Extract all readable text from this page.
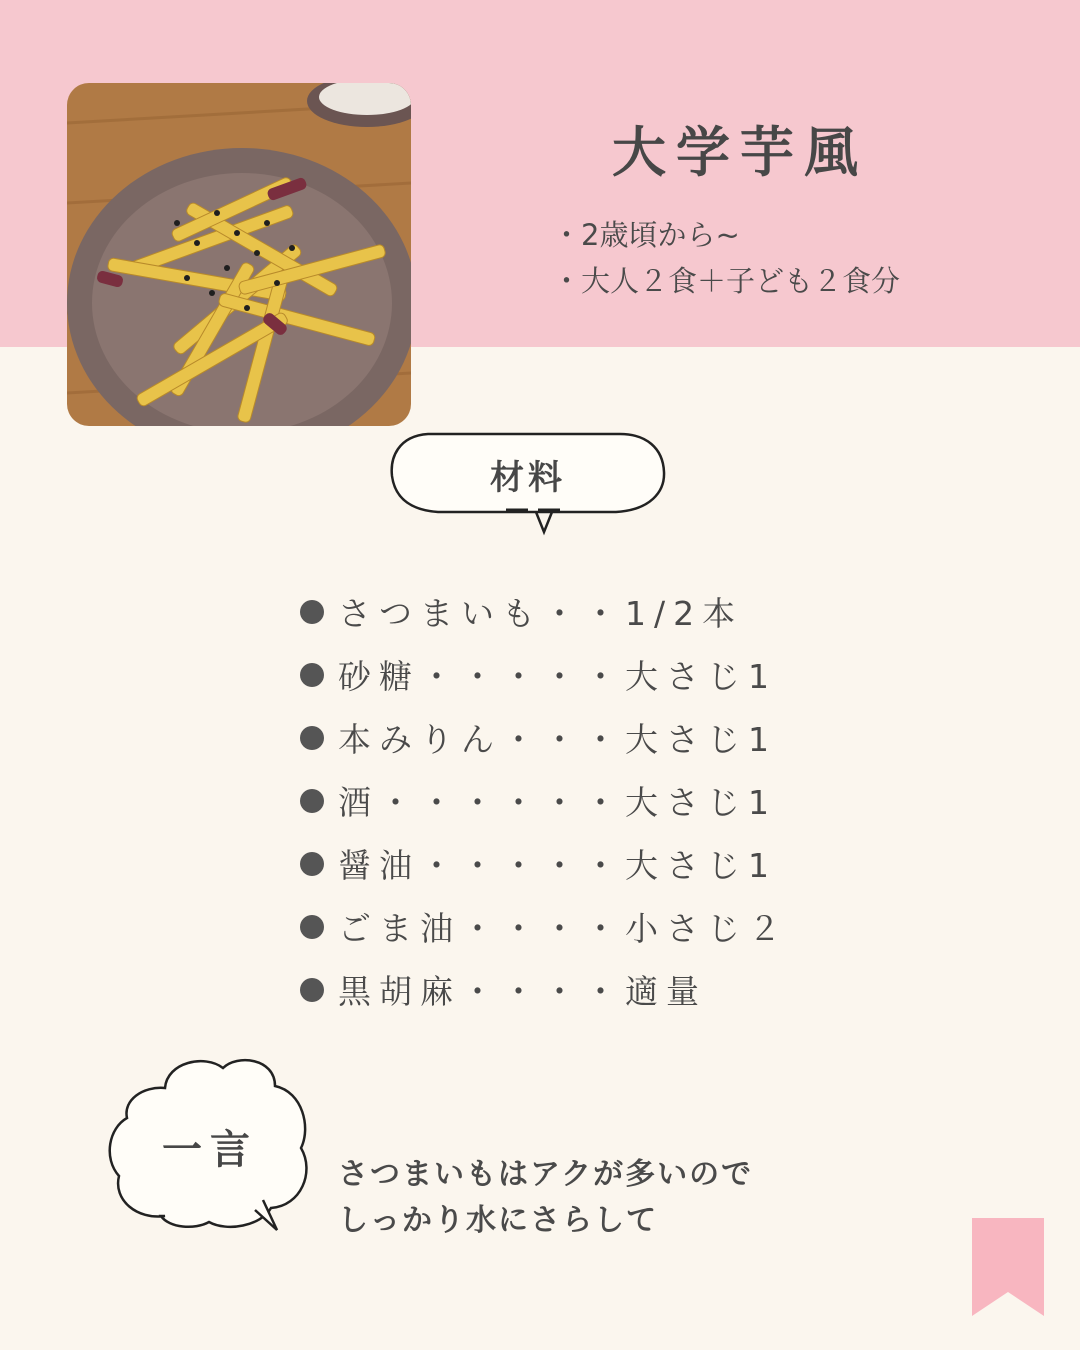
大学芋風
・2歳頃から~
・大人２食＋子ども２食分
材料
さつまいも ・・ 1/2本
砂糖 ・・・・・ 大さじ1
本みりん ・・・ 大さじ1
酒 ・・・・・・ 大さじ1
醤油 ・・・・・ 大さじ1
ごま油 ・・・・ 小さじ２
黒胡麻 ・・・・ 適量
一言
さつまいもはアクが多いので
しっかり水にさらして
